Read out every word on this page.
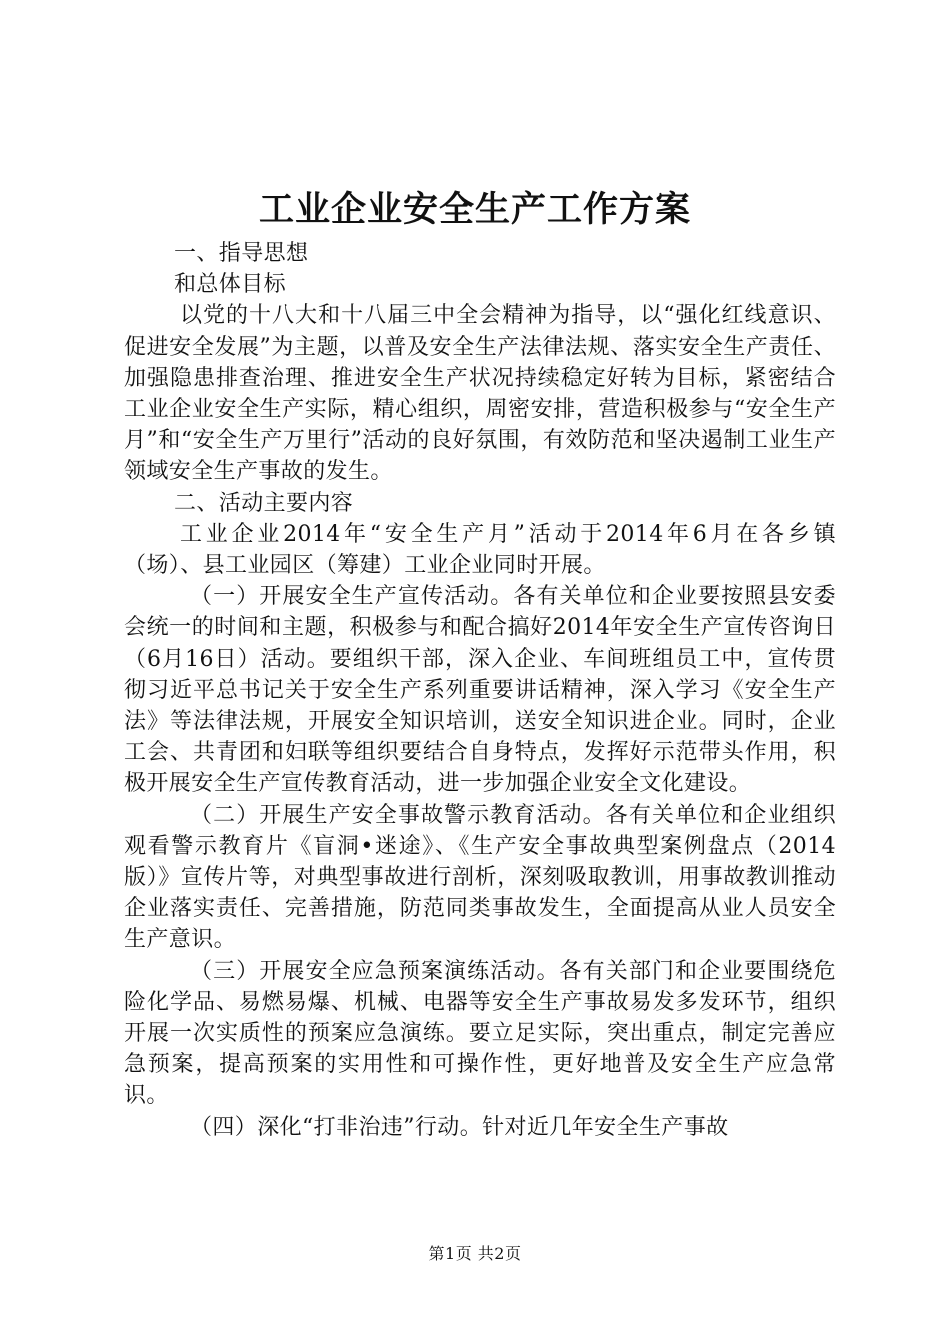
工业企业安全生产工作方案

一、指导思想

和总体目标

以党的十八大和十八届三中全会精神为指导，以“强化红线意识、促进安全发展”为主题，以普及安全生产法律法规、落实安全生产责任、加强隐患排查治理、推进安全生产状况持续稳定好转为目标，紧密结合工业企业安全生产实际，精心组织，周密安排，营造积极参与“安全生产月”和“安全生产万里行”活动的良好氛围，有效防范和坚决遏制工业生产领域安全生产事故的发生。

二、活动主要内容

工业企业2014年“安全生产月”活动于2014年6月在各乡镇（场）、县工业园区（筹建）工业企业同时开展。

（一）开展安全生产宣传活动。各有关单位和企业要按照县安委会统一的时间和主题，积极参与和配合搞好2014年安全生产宣传咨询日（6月16日）活动。要组织干部，深入企业、车间班组员工中，宣传贯彻习近平总书记关于安全生产系列重要讲话精神，深入学习《安全生产法》等法律法规，开展安全知识培训，送安全知识进企业。同时，企业工会、共青团和妇联等组织要结合自身特点，发挥好示范带头作用，积极开展安全生产宣传教育活动，进一步加强企业安全文化建设。

（二）开展生产安全事故警示教育活动。各有关单位和企业组织观看警示教育片《盲洞•迷途》、《生产安全事故典型案例盘点（2014版）》宣传片等，对典型事故进行剖析，深刻吸取教训，用事故教训推动企业落实责任、完善措施，防范同类事故发生，全面提高从业人员安全生产意识。

（三）开展安全应急预案演练活动。各有关部门和企业要围绕危险化学品、易燃易爆、机械、电器等安全生产事故易发多发环节，组织开展一次实质性的预案应急演练。要立足实际，突出重点，制定完善应急预案，提高预案的实用性和可操作性，更好地普及安全生产应急常识。

（四）深化“打非治违”行动。针对近几年安全生产事故

第1页 共2页
